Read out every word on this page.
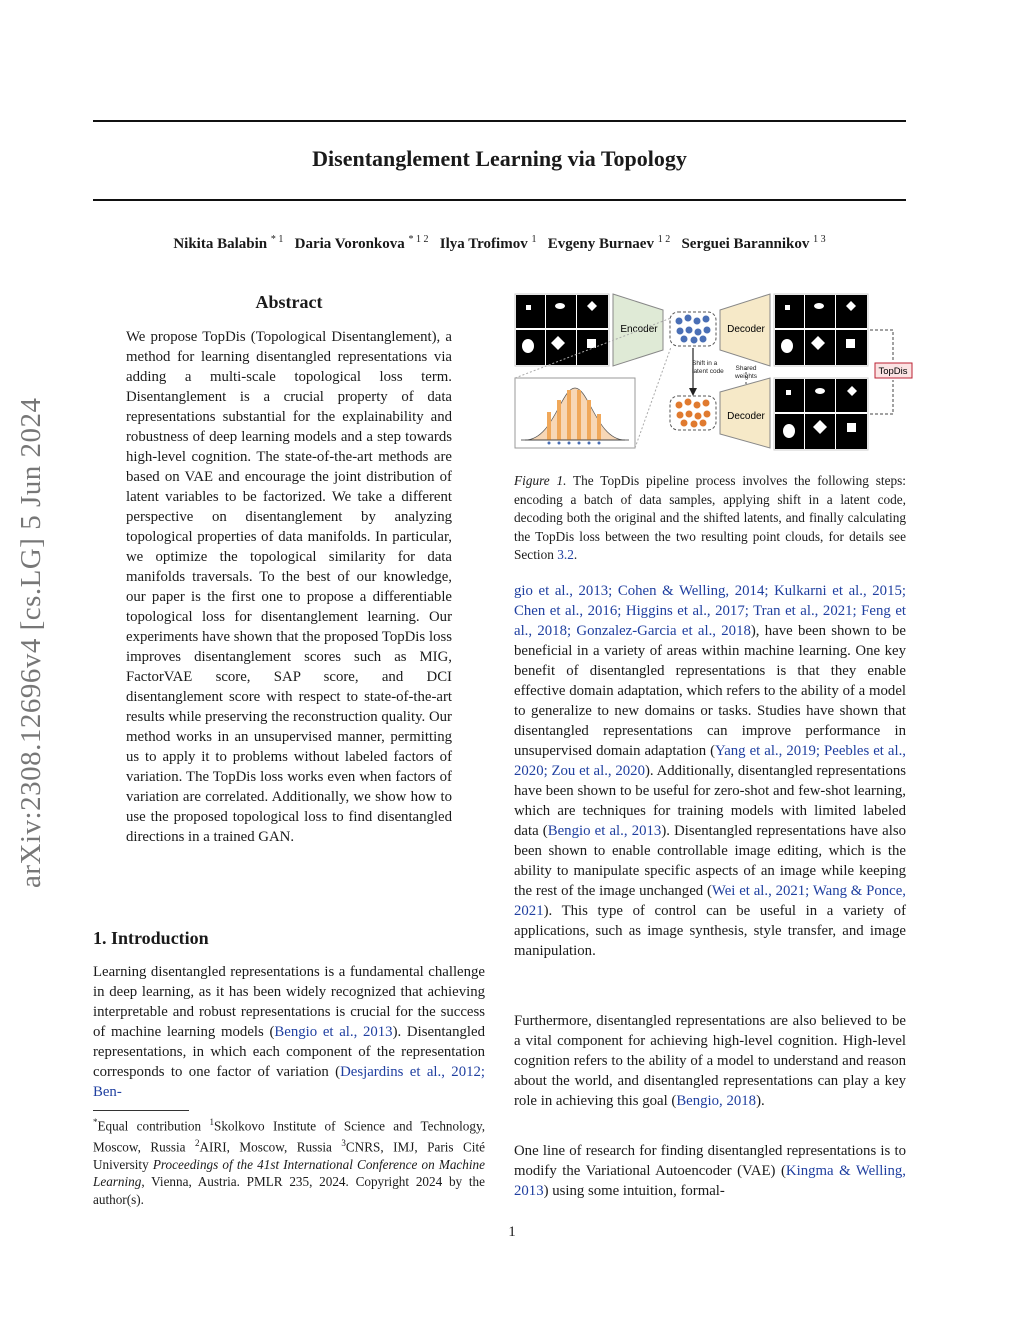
Disentanglement Learning via Topology
Nikita Balabin $^{* 1}$ Daria Voronkova $^{* 1 2}$ Ilya Trofimov $^1$ Evgeny Burnaev $^{1 2}$ Serguei Barannikov $^{1 3}$
arXiv:2308.12696v4 [cs.LG] 5 Jun 2024
Abstract
We propose TopDis (Topological Disentanglement), a method for learning disentangled representations via adding a multi-scale topological loss term. Disentanglement is a crucial property of data representations substantial for the explainability and robustness of deep learning models and a step towards high-level cognition. The state-of-the-art methods are based on VAE and encourage the joint distribution of latent variables to be factorized. We take a different perspective on disentanglement by analyzing topological properties of data manifolds. In particular, we optimize the topological similarity for data manifolds traversals. To the best of our knowledge, our paper is the first one to propose a differentiable topological loss for disentanglement learning. Our experiments have shown that the proposed TopDis loss improves disentanglement scores such as MIG, FactorVAE score, SAP score, and DCI disentanglement score with respect to state-of-the-art results while preserving the reconstruction quality. Our method works in an unsupervised manner, permitting us to apply it to problems without labeled factors of variation. The TopDis loss works even when factors of variation are correlated. Additionally, we show how to use the proposed topological loss to find disentangled directions in a trained GAN.
1. Introduction
Learning disentangled representations is a fundamental challenge in deep learning, as it has been widely recognized that achieving interpretable and robust representations is crucial for the success of machine learning models (Bengio et al., 2013). Disentangled representations, in which each component of the representation corresponds to one factor of variation (Desjardins et al., 2012; Ben-
*Equal contribution $^1$Skolkovo Institute of Science and Technology, Moscow, Russia $^2$AIRI, Moscow, Russia $^3$CNRS, IMJ, Paris Cité University Proceedings of the 41st International Conference on Machine Learning, Vienna, Austria. PMLR 235, 2024. Copyright 2024 by the author(s).
Encoder
Shift in a latent code
Decoder
Shared weights
Decoder
TopDis
Figure 1. The TopDis pipeline process involves the following steps: encoding a batch of data samples, applying shift in a latent code, decoding both the original and the shifted latents, and finally calculating the TopDis loss between the two resulting point clouds, for details see Section 3.2.
gio et al., 2013; Cohen & Welling, 2014; Kulkarni et al., 2015; Chen et al., 2016; Higgins et al., 2017; Tran et al., 2021; Feng et al., 2018; Gonzalez-Garcia et al., 2018), have been shown to be beneficial in a variety of areas within machine learning. One key benefit of disentangled representations is that they enable effective domain adaptation, which refers to the ability of a model to generalize to new domains or tasks. Studies have shown that disentangled representations can improve performance in unsupervised domain adaptation (Yang et al., 2019; Peebles et al., 2020; Zou et al., 2020). Additionally, disentangled representations have been shown to be useful for zero-shot and few-shot learning, which are techniques for training models with limited labeled data (Bengio et al., 2013). Disentangled representations have also been shown to enable controllable image editing, which is the ability to manipulate specific aspects of an image while keeping the rest of the image unchanged (Wei et al., 2021; Wang & Ponce, 2021). This type of control can be useful in a variety of applications, such as image synthesis, style transfer, and image manipulation.
Furthermore, disentangled representations are also believed to be a vital component for achieving high-level cognition. High-level cognition refers to the ability of a model to understand and reason about the world, and disentangled representations can play a key role in achieving this goal (Bengio, 2018).
One line of research for finding disentangled representations is to modify the Variational Autoencoder (VAE) (Kingma & Welling, 2013) using some intuition, formal-
1
